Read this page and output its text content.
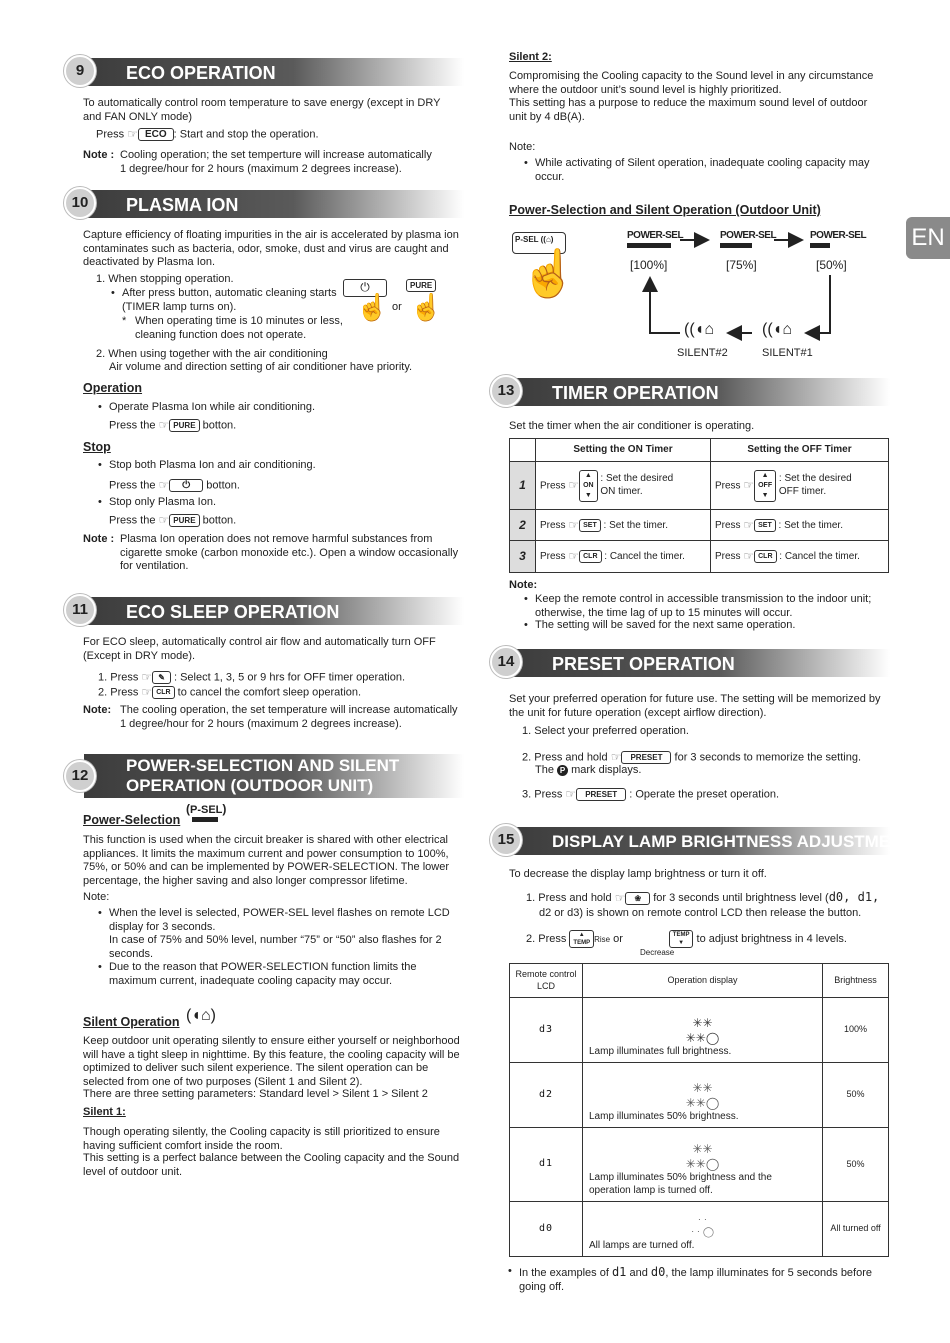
EN
ECO OPERATION
9
To automatically control room temperature to save energy (except in DRY and FAN ONLY mode)
Press ☞ ECO : Start and stop the operation.
Note : Cooling operation; the set temperture will increase automatically 1 degree/hour for 2 hours (maximum 2 degrees increase).
PLASMA ION
10
Capture efficiency of floating impurities in the air is accelerated by plasma ion contaminates such as bacteria, odor, smoke, dust and virus are caught and deactivated by Plasma Ion.
1. When stopping operation.
• After press button, automatic cleaning starts (TIMER lamp turns on).
* When operating time is 10 minutes or less, cleaning function does not operate.
⏻
☝ or
PURE
☝
2. When using together with the air conditioning
Air volume and direction setting of air conditioner have priority.
Operation
• Operate Plasma Ion while air conditioning.
Press the ☞ PURE botton.
Stop
• Stop both Plasma Ion and air conditioning.
Press the ☞ ⏻ botton.
• Stop only Plasma Ion.
Press the ☞ PURE botton.
Note : Plasma Ion operation does not remove harmful substances from cigarette smoke (carbon monoxide etc.). Open a window occasionally for ventilation.
ECO SLEEP OPERATION
11
For ECO sleep, automatically control air flow and automatically turn OFF (Except in DRY mode).
1. Press ☞ ✎ : Select 1, 3, 5 or 9 hrs for OFF timer operation.
2. Press ☞ CLR to cancel the comfort sleep operation.
Note: The cooling operation, the set temperature will increase automatically 1 degree/hour for 2 hours (maximum 2 degrees increase).
POWER-SELECTION AND SILENT
OPERATION (OUTDOOR UNIT)
12
Power-Selection
(P-SEL)
This function is used when the circuit breaker is shared with other electrical appliances. It limits the maximum current and power consumption to 100%, 75%, or 50% and can be implemented by POWER-SELECTION. The lower percentage, the higher saving and also longer compressor lifetime.
Note:
• When the level is selected, POWER-SEL level flashes on remote LCD display for 3 seconds.
In case of 75% and 50% level, number “75” or “50” also flashes for 2 seconds.
• Due to the reason that POWER-SELECTION function limits the maximum current, inadequate cooling capacity may occur.
Silent Operation (◖⌂)
Keep outdoor unit operating silently to ensure either yourself or neighborhood will have a tight sleep in nighttime. By this feature, the cooling capacity will be optimized to deliver such silent experience. The silent operation can be selected from one of two purposes (Silent 1 and Silent 2).
There are three setting parameters: Standard level > Silent 1 > Silent 2
Silent 1:
Though operating silently, the Cooling capacity is still prioritized to ensure having sufficient comfort inside the room.
This setting is a perfect balance between the Cooling capacity and the Sound level of outdoor unit.
Silent 2:
Compromising the Cooling capacity to the Sound level in any circumstance where the outdoor unit’s sound level is highly prioritized.
This setting has a purpose to reduce the maximum sound level of outdoor unit by 4 dB(A).
Note:
• While activating of Silent operation, inadequate cooling capacity may occur.
Power-Selection and Silent Operation (Outdoor Unit)
P-SEL ((⌂)
☝
POWER-SEL	POWER-SEL	POWER-SEL
[100%]	[75%]	[50%]
((◖⌂	((◖⌂
SILENT#2	SILENT#1
TIMER OPERATION
13
Set the timer when the air conditioner is operating.
	Setting the ON Timer	Setting the OFF Timer
1	Press ☞▲
ON
▼ : Set the desired ON timer.	Press ☞▲
OFF
▼ : Set the desired OFF timer.
2	Press ☞ SET : Set the timer.	Press ☞ SET : Set the timer.
3	Press ☞ CLR : Cancel the timer.	Press ☞ CLR : Cancel the timer.
Note:
• Keep the remote control in accessible transmission to the indoor unit; otherwise, the time lag of up to 15 minutes will occur.
• The setting will be saved for the next same operation.
PRESET OPERATION
14
Set your preferred operation for future use. The setting will be memorized by the unit for future operation (except airflow direction).
1. Select your preferred operation.
2. Press and hold ☞ PRESET for 3 seconds to memorize the setting.
The P mark displays.
3. Press ☞ PRESET : Operate the preset operation.
DISPLAY LAMP BRIGHTNESS ADJUSTMENT
15
To decrease the display lamp brightness or turn it off.
1. Press and hold ☞ ❀ for 3 seconds until brightness level (d0, d1,
d2 or d3) is shown on remote control LCD then release the button.
2. Press ▲
TEMP Rise or	TEMP
▼ to adjust brightness in 4 levels.
Decrease
Remote control LCD	Operation display	Brightness
d3	✳✳
✳✳◯
Lamp illuminates full brightness.	100%
d2	✳✳
✳✳◯
Lamp illuminates 50% brightness.	50%
d1	✳✳
✳✳◯
Lamp illuminates 50% brightness and the operation lamp is turned off.	50%
d0	⋅ ⋅
⋅ ⋅ ◯
All lamps are turned off.	All turned off
• In the examples of d1 and d0, the lamp illuminates for 5 seconds before going off.
